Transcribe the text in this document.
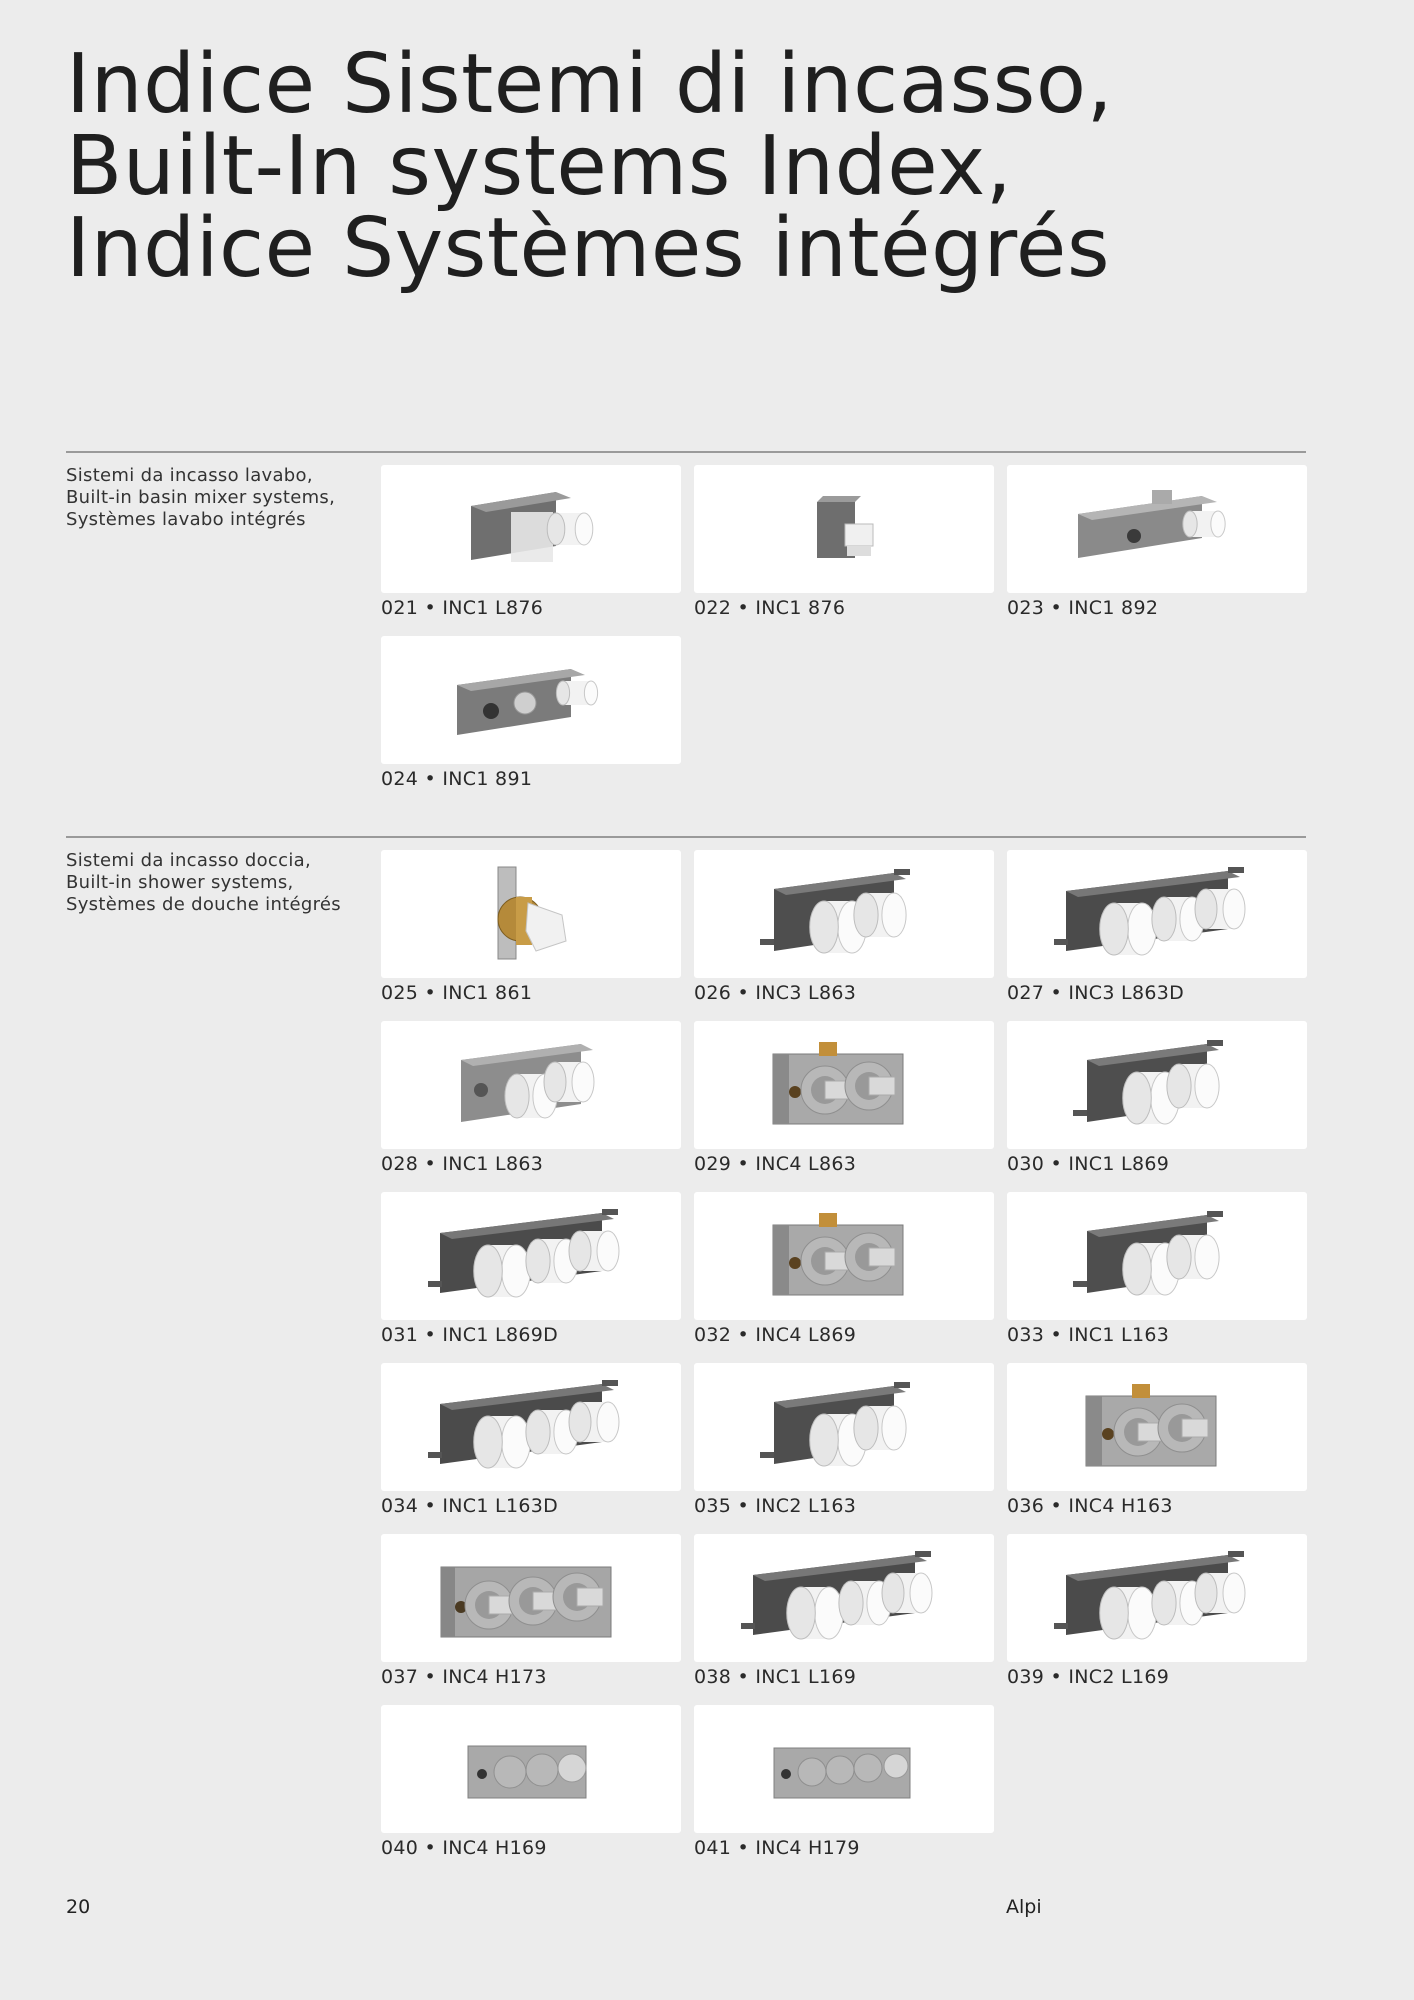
Indice Sistemi di incasso,
Built-In systems Index,
Indice Systèmes intégrés
Sistemi da incasso lavabo,
Built-in basin mixer systems,
Systèmes lavabo intégrés
021 • INC1 L876	022 • INC1 876	023 • INC1 892
024 • INC1 891
Sistemi da incasso doccia,
Built-in shower systems,
Systèmes de douche intégrés
025 • INC1 861	026 • INC3 L863	027 • INC3 L863D
028 • INC1 L863	029 • INC4 L863	030 • INC1 L869
031 • INC1 L869D	032 • INC4 L869	033 • INC1 L163
034 • INC1 L163D	035 • INC2 L163	036 • INC4 H163
037 • INC4 H173	038 • INC1 L169	039 • INC2 L169
040 • INC4 H169	041 • INC4 H179
20	Alpi
